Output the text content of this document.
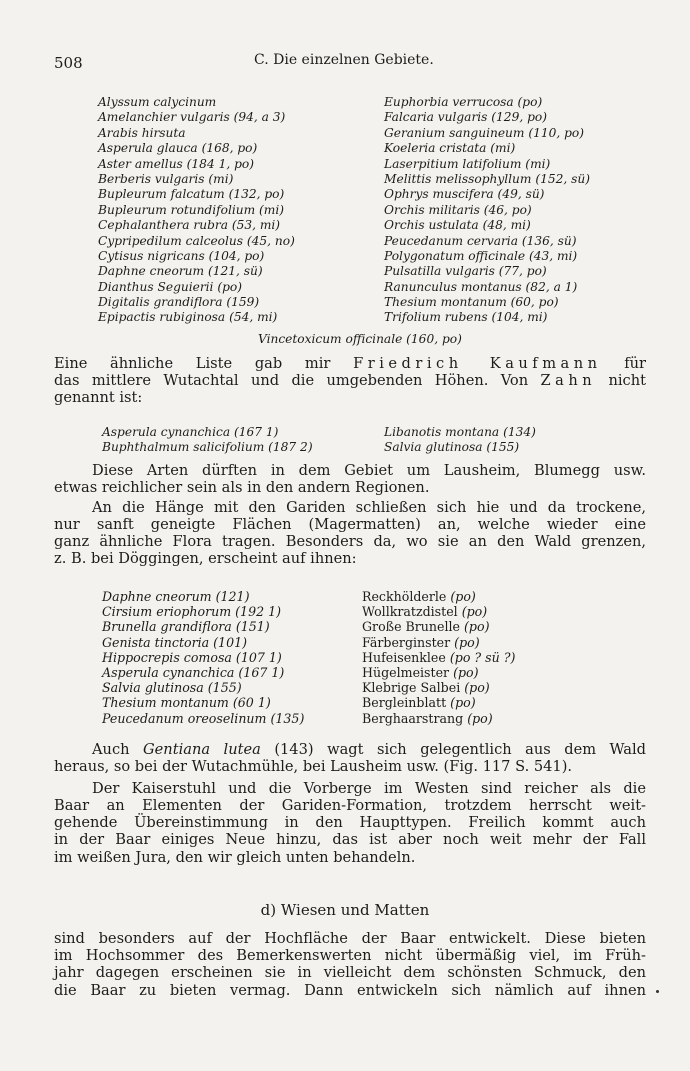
508	C. Die einzelnen Gebiete.
Alyssum calycinum
Amelanchier vulgaris (94, a 3)
Arabis hirsuta
Asperula glauca (168, po)
Aster amellus (184 1, po)
Berberis vulgaris (mi)
Bupleurum falcatum (132, po)
Bupleurum rotundifolium (mi)
Cephalanthera rubra (53, mi)
Cypripedilum calceolus (45, no)
Cytisus nigricans (104, po)
Daphne cneorum (121, sü)
Dianthus Seguierii (po)
Digitalis grandiflora (159)
Epipactis rubiginosa (54, mi)
Euphorbia verrucosa (po)
Falcaria vulgaris (129, po)
Geranium sanguineum (110, po)
Koeleria cristata (mi)
Laserpitium latifolium (mi)
Melittis melissophyllum (152, sü)
Ophrys muscifera (49, sü)
Orchis militaris (46, po)
Orchis ustulata (48, mi)
Peucedanum cervaria (136, sü)
Polygonatum officinale (43, mi)
Pulsatilla vulgaris (77, po)
Ranunculus montanus (82, a 1)
Thesium montanum (60, po)
Trifolium rubens (104, mi)
Vincetoxicum officinale (160, po)

Eine ähnliche Liste gab mir Friedrich Kaufmann für

das mittlere Wutachtal und die umgebenden Höhen. Von Zahn nicht

genannt ist:

Asperula cynanchica (167 1)
Buphthalmum salicifolium (187 2)
Libanotis montana (134)
Salvia glutinosa (155)

Diese Arten dürften in dem Gebiet um Lausheim, Blumegg usw.

etwas reichlicher sein als in den andern Regionen.

An die Hänge mit den Gariden schließen sich hie und da trockene,

nur sanft geneigte Flächen (Magermatten) an, welche wieder eine

ganz ähnliche Flora tragen. Besonders da, wo sie an den Wald grenzen,

z. B. bei Döggingen, erscheint auf ihnen:

Daphne cneorum (121)
Cirsium eriophorum (192 1)
Brunella grandiflora (151)
Genista tinctoria (101)
Hippocrepis comosa (107 1)
Asperula cynanchica (167 1)
Salvia glutinosa (155)
Thesium montanum (60 1)
Peucedanum oreoselinum (135)
Reckhölderle (po)
Wollkratzdistel (po)
Große Brunelle (po)
Färberginster (po)
Hufeisenklee (po ? sü ?)
Hügelmeister (po)
Klebrige Salbei (po)
Bergleinblatt (po)
Berghaarstrang (po)

Auch Gentiana lutea (143) wagt sich gelegentlich aus dem Wald

heraus, so bei der Wutachmühle, bei Lausheim usw. (Fig. 117 S. 541).

Der Kaiserstuhl und die Vorberge im Westen sind reicher als die

Baar an Elementen der Gariden-Formation, trotzdem herrscht weit-

gehende Übereinstimmung in den Haupttypen. Freilich kommt auch

in der Baar einiges Neue hinzu, das ist aber noch weit mehr der Fall

im weißen Jura, den wir gleich unten behandeln.

d) Wiesen und Matten

sind besonders auf der Hochfläche der Baar entwickelt. Diese bieten

im Hochsommer des Bemerkenswerten nicht übermäßig viel, im Früh-

jahr dagegen erscheinen sie in vielleicht dem schönsten Schmuck, den

die Baar zu bieten vermag. Dann entwickeln sich nämlich auf ihnen
